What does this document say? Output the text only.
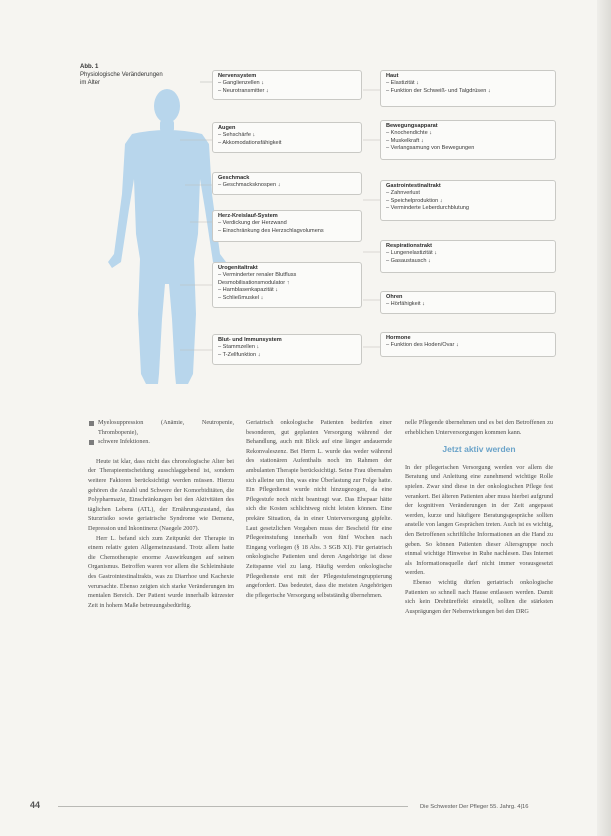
Abb. 1
Physiologische Veränderungen
im Alter
Nervensystem
– Ganglienzellen ↓
– Neurotransmitter ↓
Augen
– Sehschärfe ↓
– Akkomodationsfähigkeit
Geschmack
– Geschmacksknospen ↓
Herz-Kreislauf-System
– Verdickung der Herzwand
– Einschränkung des Herzschlagvolumens
Urogenitaltrakt
– Verminderter renaler Blutfluss
Desmobilisationsmodulator ↑
– Harnblasenkapazität ↓
– Schließmuskel ↓
Blut- und Immunsystem
– Stammzellen ↓
– T-Zellfunktion ↓
Haut
– Elastizität ↓
– Funktion der Schweiß- und Talgdrüsen ↓
Bewegungsapparat
– Knochendichte ↓
– Muskelkraft ↓
– Verlangsamung von Bewegungen
Gastrointestinaltrakt
– Zahnverlust
– Speichelproduktion ↓
– Verminderte Leberdurchblutung
Respirationstrakt
– Lungenelastizität ↓
– Gasaustausch ↓
Ohren
– Hörfähigkeit ↓
Hormone
– Funktion des Hoden/Ovar ↓
Myelosuppression (Anämie, Neutropenie, Thrombopenie),
schwere Infektionen.

Heute ist klar, dass nicht das chronologische Alter bei der Therapieentscheidung ausschlaggebend ist, sondern weitere Faktoren berücksichtigt werden müssen. Hierzu gehören die Anzahl und Schwere der Komorbiditäten, die Polypharmazie, Einschränkungen bei den Aktivitäten des täglichen Lebens (ATL), der Ernährungszustand, das Sturzrisiko sowie geriatrische Syndrome wie Demenz, Depression und Inkontinenz (Naegele 2007).

Herr L. befand sich zum Zeitpunkt der Therapie in einem relativ guten Allgemeinzustand. Trotz allem hatte die Chemotherapie enorme Auswirkungen auf seinen Organismus. Betroffen waren vor allem die Schleimhäute des Gastrointestinaltrakts, was zu Diarrhoe und Kachexie verursachte. Ebenso zeigten sich starke Veränderungen im mentalen Bereich. Der Patient wurde innerhalb kürzester Zeit in hohem Maße betreuungsbedürftig.

Geriatrisch onkologische Patienten bedürfen einer besonderen, gut geplanten Versorgung während der Behandlung, auch mit Blick auf eine länger andauernde Rekonvaleszenz. Bei Herrn L. wurde das weder während des stationären Aufenthalts noch im Rahmen der ambulanten Therapie berücksichtigt. Seine Frau übernahm sich alleine um ihn, was eine Überlastung zur Folge hatte. Ein Pflegedienst wurde nicht hinzugezogen, da eine Pflegestufe noch nicht beantragt war. Das Ehepaar hätte sich die Kosten schlichtweg nicht leisten können. Eine prekäre Situation, da in einer Unterversorgung gipfelte. Laut gesetzlichen Vorgaben muss der Bescheid für eine Pflegeeinstufung innerhalb von fünf Wochen nach Eingang vorliegen (§ 18 Abs. 3 SGB XI). Für geriatrisch onkologische Patienten und deren Angehörige ist diese Zeitspanne viel zu lang. Häufig werden onkologische Pflegedienste erst mit der Pflegestufeneingruppierung angefordert. Das bedeutet, dass die meisten Angehörigen die pflegerische Versorgung selbstständig übernehmen.

nelle Pflegende übernehmen und es bei den Betroffenen zu erheblichen Unterversorgungen kommen kann.

Jetzt aktiv werden

In der pflegerischen Versorgung werden vor allem die Beratung und Anleitung eine zunehmend wichtige Rolle spielen. Zwar sind diese in der onkologischen Pflege fest verankert. Bei älteren Patienten aber muss hierbei aufgrund der kognitiven Veränderungen in der Zeit angepasst werden, kurze und häufigere Beratungsgespräche sollten anstelle von langen Gesprächen treten. Auch ist es wichtig, den Betroffenen schriftliche Informationen an die Hand zu geben. So können Patienten dieser Altersgruppe noch einmal wichtige Hinweise in Ruhe nachlesen. Das Internet als Informationsquelle darf nicht immer vorausgesetzt werden.

Ebenso wichtig dürfen geriatrisch onkologische Patienten so schnell nach Hause entlassen werden. Damit sich kein Drehtüreffekt einstellt, sollten die stärksten Ausprägungen der Nebenwirkungen bei den DRG

44	Die Schwester Der Pfleger 55. Jahrg. 4|16
